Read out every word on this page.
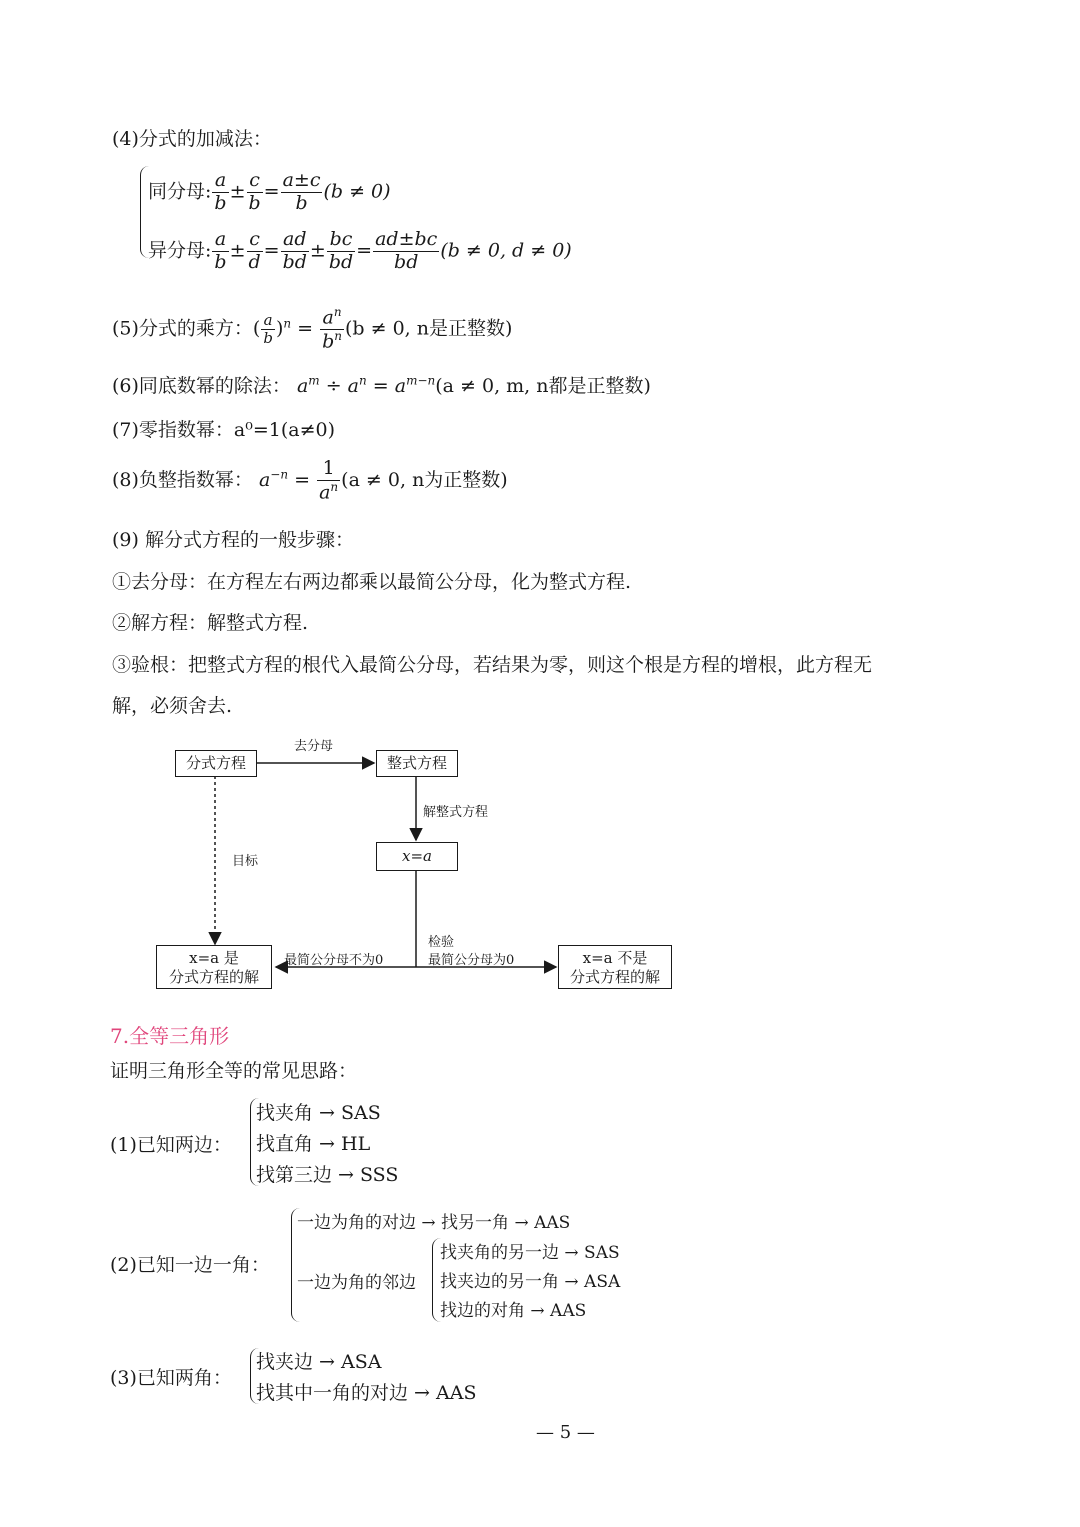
(4)分式的加减法：
同分母: $\frac{a}{b} \pm \frac{c}{b} = \frac{a\pm c}{b} (b \ne 0)$
异分母: $\frac{a}{b} \pm \frac{c}{d} = \frac{ad}{bd} \pm \frac{bc}{bd} = \frac{ad\pm bc}{bd} (b \ne 0$, d ≠ 0)
(5)分式的乘方：( $\frac{a}{b} )^n = \frac{a^n}{b^n} (b \ne 0$, n是正整数)
(6)同底数幂的除法： $a^m \div a^n = a^{m-n}(a \ne 0$, m, n都是正整数)
(7)零指数幂：a⁰=1(a≠0)
(8)负整指数幂： $a^{-n} = \frac{1}{a^n} (a \ne 0$, n为正整数)
(9) 解分式方程的一般步骤：
①去分母：在方程左右两边都乘以最简公分母，化为整式方程.
②解方程：解整式方程.
③验根：把整式方程的根代入最简公分母，若结果为零，则这个根是方程的增根，此方程无
解，必须舍去.
分式方程	整式方程
x=a
x=a 是
分式方程的解
x=a 不是
分式方程的解
去分母
解整式方程
目标
检验
最简公分母不为0	最简公分母为0
7.全等三角形
证明三角形全等的常见思路：
(1)已知两边：
找夹角 → SAS
找直角 → HL
找第三边 → SSS
(2)已知一边一角：
一边为角的对边 → 找另一角 → AAS
一边为角的邻边
找夹角的另一边 → SAS
找夹边的另一角 → ASA
找边的对角 → AAS
(3)已知两角：
找夹边 → ASA
找其中一角的对边 → AAS
— 5 —
